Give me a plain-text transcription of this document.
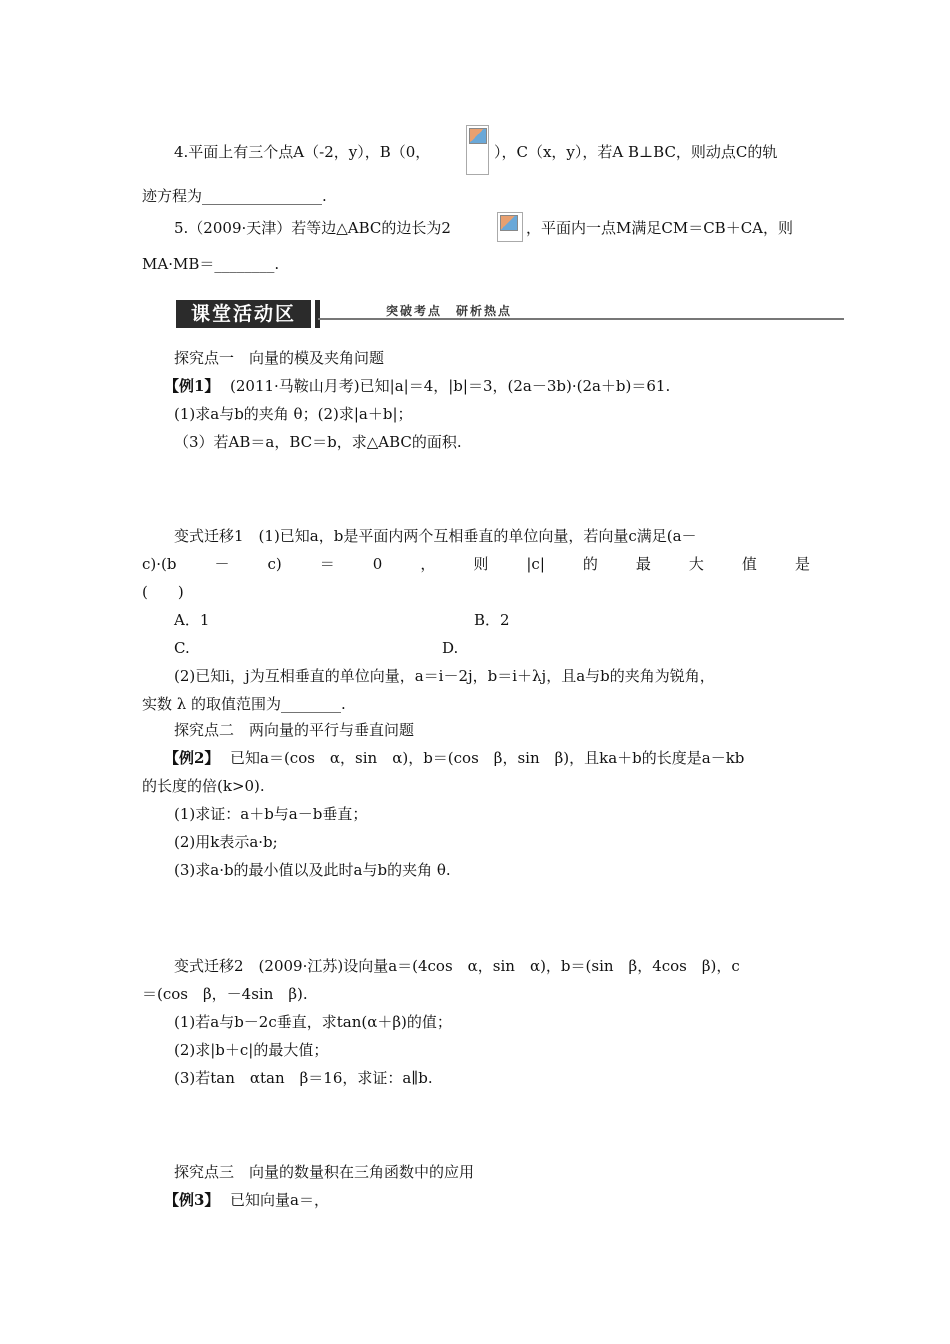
4.平面上有三个点A（-2，y），B（0，	），C（x，y），若A B⊥BC，则动点C的轨
迹方程为________________.
5.（2009·天津）若等边△ABC的边长为2	，平面内一点M满足CM＝CB＋CA，则
MA·MB＝________.
课堂活动区	突破考点　研析热点
探究点一　向量的模及夹角问题
【例1】 (2011·马鞍山月考)已知|a|＝4，|b|＝3，(2a－3b)·(2a＋b)＝61.
(1)求a与b的夹角 θ；(2)求|a＋b|；
（3）若AB＝a，BC＝b，求△ABC的面积.
变式迁移1　(1)已知a，b是平面内两个互相垂直的单位向量，若向量c满足(a－
c)·(b	－	c)	＝	0	，	则	|c|	的	最	大	值	是
(　　)
A．1	B．2
C.	D.
(2)已知i，j为互相垂直的单位向量，a＝i－2j，b＝i＋λj，且a与b的夹角为锐角，
实数 λ 的取值范围为________.
探究点二　两向量的平行与垂直问题
【例2】 已知a＝(cos　α，sin　α)，b＝(cos　β，sin　β)，且ka＋b的长度是a－kb
的长度的倍(k>0).
(1)求证：a＋b与a－b垂直；
(2)用k表示a·b;
(3)求a·b的最小值以及此时a与b的夹角 θ.
变式迁移2　(2009·江苏)设向量a＝(4cos　α，sin　α)，b＝(sin　β，4cos　β)，c
＝(cos　β，－4sin　β).
(1)若a与b－2c垂直，求tan(α＋β)的值；
(2)求|b＋c|的最大值；
(3)若tan　αtan　β＝16，求证：a∥b.
探究点三　向量的数量积在三角函数中的应用
【例3】 已知向量a＝，
